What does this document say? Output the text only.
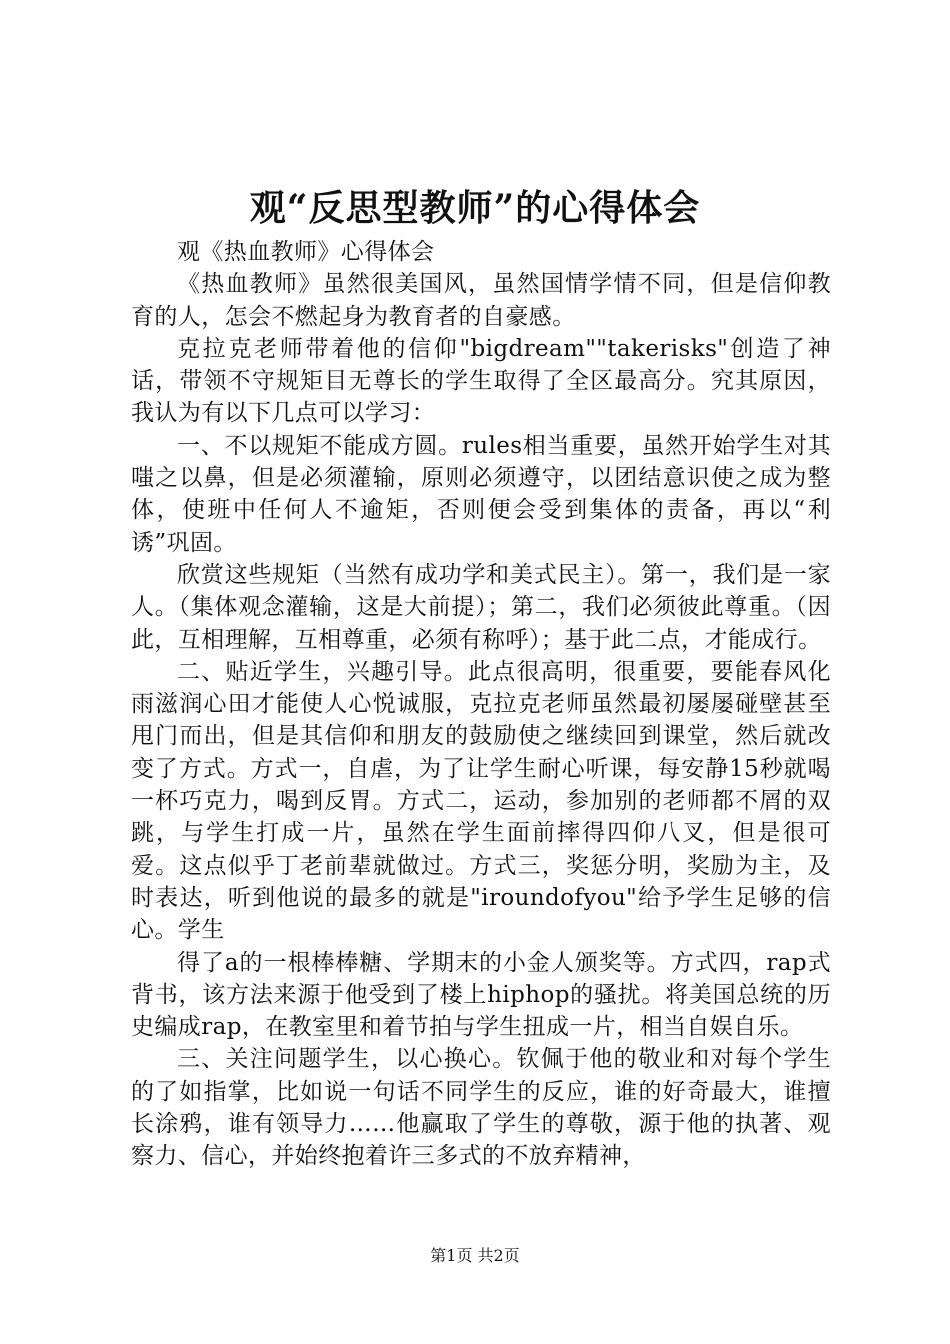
观“反思型教师”的心得体会

观《热血教师》心得体会

《热血教师》虽然很美国风，虽然国情学情不同，但是信仰教育的人，怎会不燃起身为教育者的自豪感。

克拉克老师带着他的信仰"bigdream""takerisks"创造了神话，带领不守规矩目无尊长的学生取得了全区最高分。究其原因，我认为有以下几点可以学习：

一、不以规矩不能成方圆。rules相当重要，虽然开始学生对其嗤之以鼻，但是必须灌输，原则必须遵守，以团结意识使之成为整体，使班中任何人不逾矩，否则便会受到集体的责备，再以“利诱”巩固。

欣赏这些规矩（当然有成功学和美式民主）。第一，我们是一家人。（集体观念灌输，这是大前提）；第二，我们必须彼此尊重。（因此，互相理解，互相尊重，必须有称呼）；基于此二点，才能成行。

二、贴近学生，兴趣引导。此点很高明，很重要，要能春风化雨滋润心田才能使人心悦诚服，克拉克老师虽然最初屡屡碰壁甚至甩门而出，但是其信仰和朋友的鼓励使之继续回到课堂，然后就改变了方式。方式一，自虐，为了让学生耐心听课，每安静15秒就喝一杯巧克力，喝到反胃。方式二，运动，参加别的老师都不屑的双跳，与学生打成一片，虽然在学生面前摔得四仰八叉，但是很可爱。这点似乎丁老前辈就做过。方式三，奖惩分明，奖励为主，及时表达，听到他说的最多的就是"iroundofyou"给予学生足够的信心。学生

得了a的一根棒棒糖、学期末的小金人颁奖等。方式四，rap式背书，该方法来源于他受到了楼上hiphop的骚扰。将美国总统的历史编成rap，在教室里和着节拍与学生扭成一片，相当自娱自乐。

三、关注问题学生，以心换心。钦佩于他的敬业和对每个学生的了如指掌，比如说一句话不同学生的反应，谁的好奇最大，谁擅长涂鸦，谁有领导力……他赢取了学生的尊敬，源于他的执著、观察力、信心，并始终抱着许三多式的不放弃精神，

第1页 共2页
